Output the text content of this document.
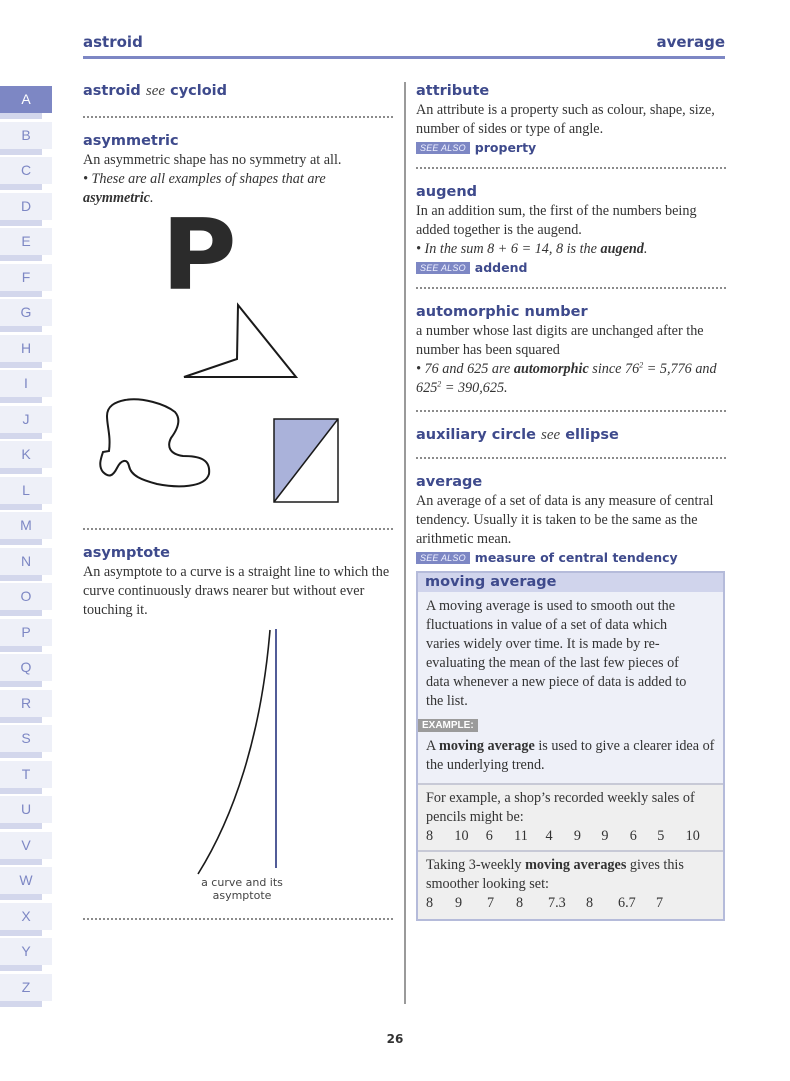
astroid	average
A
B
C
D
E
F
G
H
I
J
K
L
M
N
O
P
Q
R
S
T
U
V
W
X
Y
Z
astroid see cycloid
asymmetric
An asymmetric shape has no symmetry at all.
• These are all examples of shapes that are asymmetric.
P
asymptote
An asymptote to a curve is a straight line to which the curve continuously draws nearer but without ever touching it.
a curve and its
asymptote
attribute
An attribute is a property such as colour, shape, size, number of sides or type of angle.
SEE ALSO property
augend
In an addition sum, the first of the numbers being added together is the augend.
• In the sum 8 + 6 = 14, 8 is the augend.
SEE ALSO addend
automorphic number
a number whose last digits are unchanged after the number has been squared
• 76 and 625 are automorphic since $76^2 = 5,776$ and $625^2 = 390,625$.
auxiliary circle see ellipse
average
An average of a set of data is any measure of central tendency. Usually it is taken to be the same as the arithmetic mean.
SEE ALSO measure of central tendency
moving average
A moving average is used to smooth out the fluctuations in value of a set of data which varies widely over time. It is made by re-evaluating the mean of the last few pieces of data whenever a new piece of data is added to the list.
EXAMPLE:
A moving average is used to give a clearer idea of the underlying trend.
For example, a shop’s recorded weekly sales of pencils might be:
8	10	6	11	4	9	9	6	5	10
Taking 3-weekly moving averages gives this smoother looking set:
8	9	7	8	7.3	8	6.7	7
26
